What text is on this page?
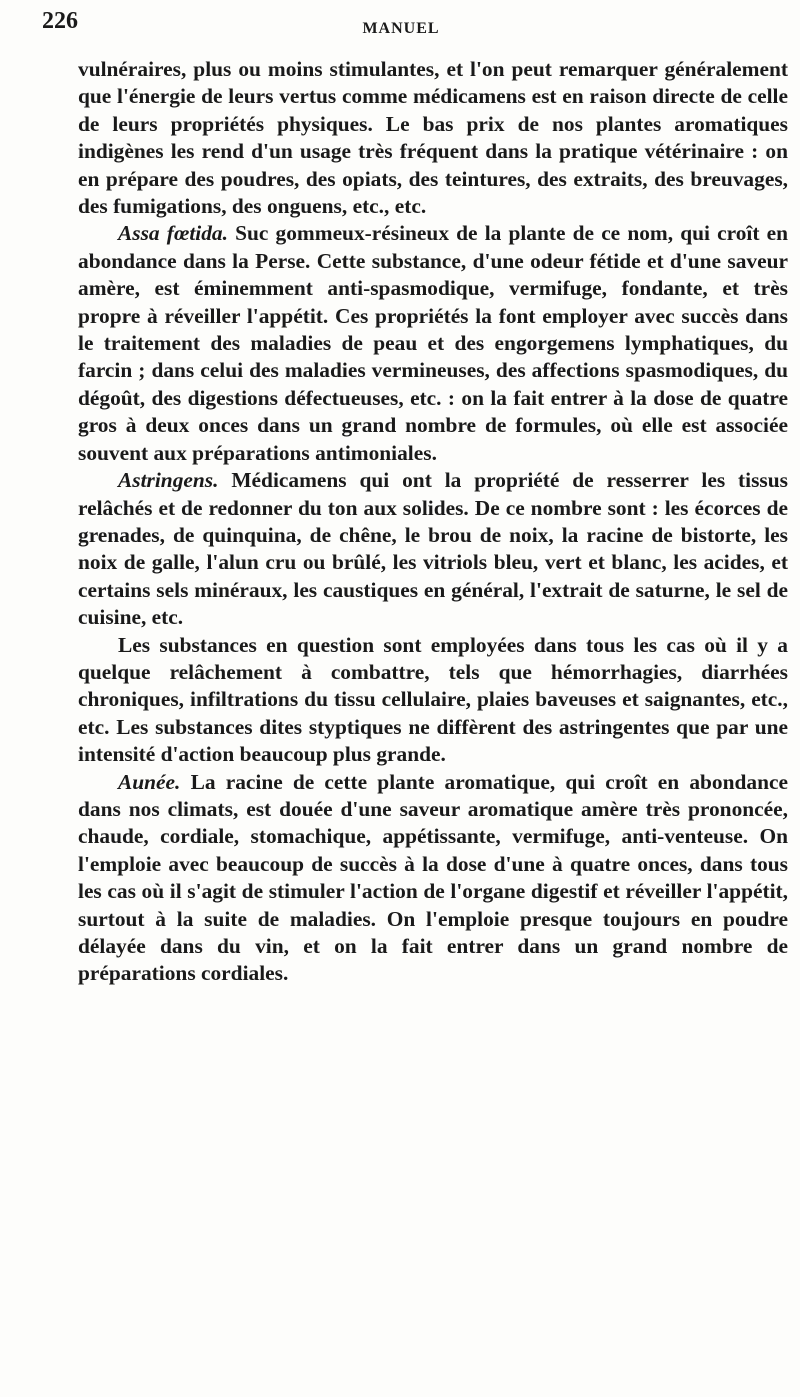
226	MANUEL

vulnéraires, plus ou moins stimulantes, et l'on peut remarquer généralement que l'énergie de leurs vertus comme médicamens est en raison directe de celle de leurs propriétés physiques. Le bas prix de nos plantes aromatiques indigènes les rend d'un usage très fréquent dans la pratique vétérinaire : on en prépare des poudres, des opiats, des teintures, des extraits, des breuvages, des fumigations, des onguens, etc., etc.

Assa fœtida. Suc gommeux-résineux de la plante de ce nom, qui croît en abondance dans la Perse. Cette substance, d'une odeur fétide et d'une saveur amère, est éminemment anti-spasmodique, vermifuge, fondante, et très propre à réveiller l'appétit. Ces propriétés la font employer avec succès dans le traitement des maladies de peau et des engorgemens lymphatiques, du farcin ; dans celui des maladies vermineuses, des affections spasmodiques, du dégoût, des digestions défectueuses, etc. : on la fait entrer à la dose de quatre gros à deux onces dans un grand nombre de formules, où elle est associée souvent aux préparations antimoniales.

Astringens. Médicamens qui ont la propriété de resserrer les tissus relâchés et de redonner du ton aux solides. De ce nombre sont : les écorces de grenades, de quinquina, de chêne, le brou de noix, la racine de bistorte, les noix de galle, l'alun cru ou brûlé, les vitriols bleu, vert et blanc, les acides, et certains sels minéraux, les caustiques en général, l'extrait de saturne, le sel de cuisine, etc.

Les substances en question sont employées dans tous les cas où il y a quelque relâchement à combattre, tels que hémorrhagies, diarrhées chroniques, infiltrations du tissu cellulaire, plaies baveuses et saignantes, etc., etc. Les substances dites styptiques ne diffèrent des astringentes que par une intensité d'action beaucoup plus grande.

Aunée. La racine de cette plante aromatique, qui croît en abondance dans nos climats, est douée d'une saveur aromatique amère très prononcée, chaude, cordiale, stomachique, appétissante, vermifuge, anti-venteuse. On l'emploie avec beaucoup de succès à la dose d'une à quatre onces, dans tous les cas où il s'agit de stimuler l'action de l'organe digestif et réveiller l'appétit, surtout à la suite de maladies. On l'emploie presque toujours en poudre délayée dans du vin, et on la fait entrer dans un grand nombre de préparations cordiales.
